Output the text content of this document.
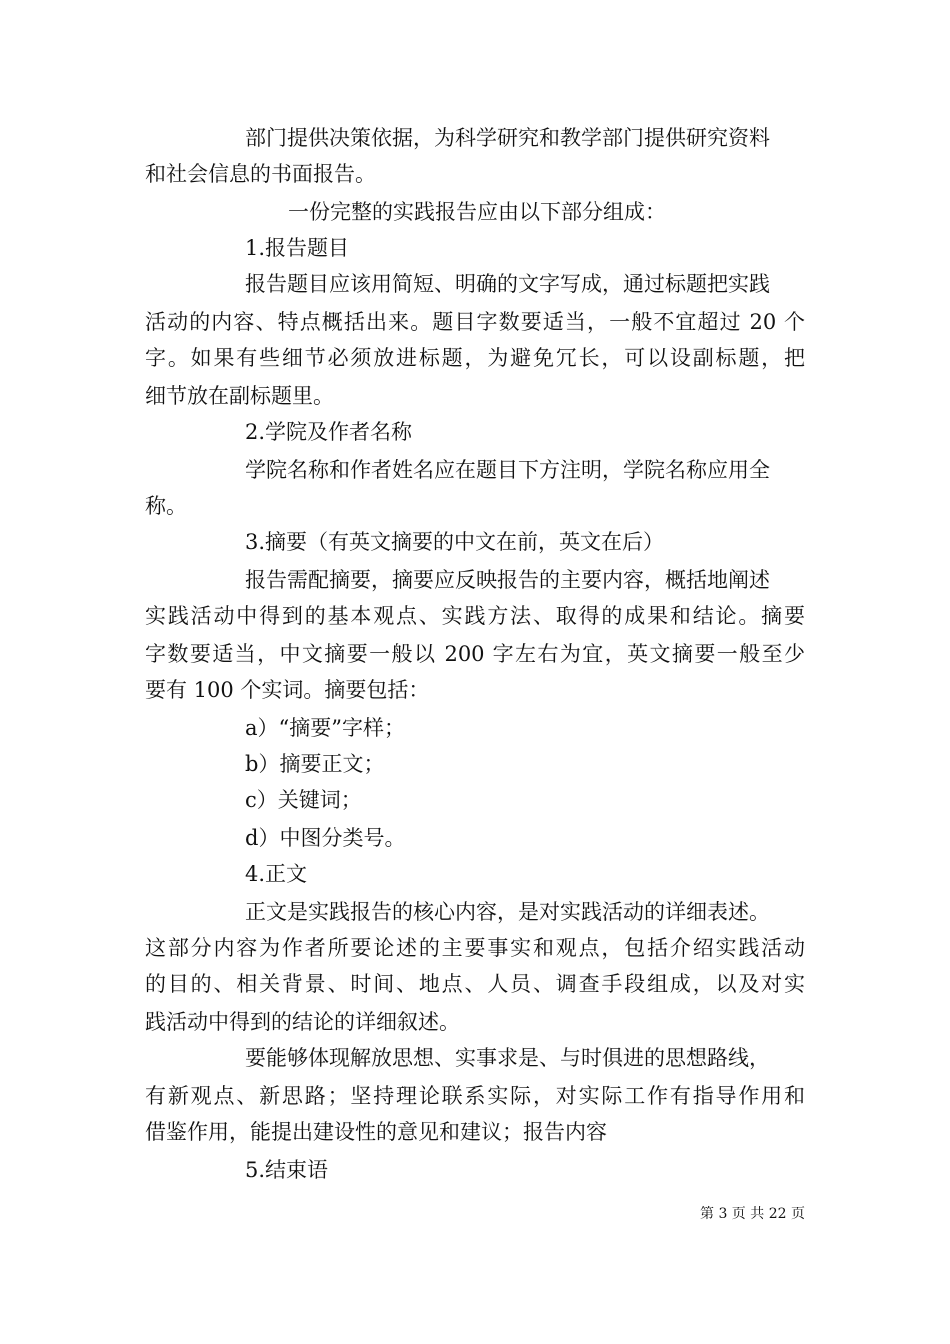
部门提供决策依据，为科学研究和教学部门提供研究资料
和社会信息的书面报告。
一份完整的实践报告应由以下部分组成：
1.报告题目
报告题目应该用简短、明确的文字写成，通过标题把实践
活动的内容、特点概括出来。题目字数要适当，一般不宜超过 20 个
字。如果有些细节必须放进标题，为避免冗长，可以设副标题，把
细节放在副标题里。
2.学院及作者名称
学院名称和作者姓名应在题目下方注明，学院名称应用全
称。
3.摘要（有英文摘要的中文在前，英文在后）
报告需配摘要，摘要应反映报告的主要内容，概括地阐述
实践活动中得到的基本观点、实践方法、取得的成果和结论。摘要
字数要适当，中文摘要一般以 200 字左右为宜，英文摘要一般至少
要有 100 个实词。摘要包括：
a）“摘要”字样；
b）摘要正文；
c）关键词；
d）中图分类号。
4.正文
正文是实践报告的核心内容，是对实践活动的详细表述。
这部分内容为作者所要论述的主要事实和观点，包括介绍实践活动
的目的、相关背景、时间、地点、人员、调查手段组成，以及对实
践活动中得到的结论的详细叙述。
要能够体现解放思想、实事求是、与时俱进的思想路线，
有新观点、新思路；坚持理论联系实际，对实际工作有指导作用和
借鉴作用，能提出建设性的意见和建议；报告内容
5.结束语
第 3 页 共 22 页
